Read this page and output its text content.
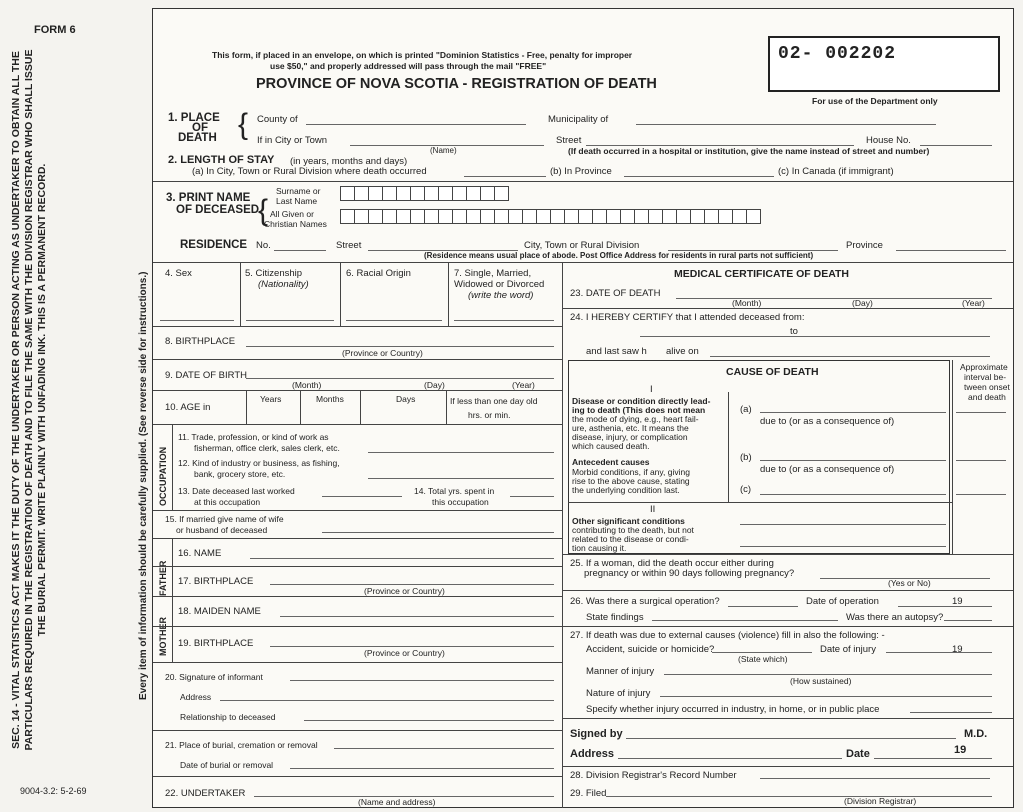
FORM 6
SEC. 14 - VITAL STATISTICS ACT MAKES IT THE DUTY OF THE UNDERTAKER OR PERSON ACTING AS UNDERTAKER TO OBTAIN ALL THE PARTICULARS REQUIRED IN THE REGISTRATION OF DEATH AND TO FILE THE SAME WITH THE DIVISION REGISTRAR WHO SHALL ISSUE THE BURIAL PERMIT. WRITE PLAINLY WITH UNFADING INK. THIS IS A PERMANENT RECORD.	Every item of information should be carefully supplied. (See reverse side for instructions.)
9004-3.2: 5-2-69
This form, if placed in an envelope, on which is printed "Dominion Statistics - Free, penalty for improper
use $50," and properly addressed will pass through the mail "FREE"
PROVINCE OF NOVA SCOTIA - REGISTRATION OF DEATH
02- 002202
For use of the Department only
1. PLACE
OF
DEATH { County of	Municipality of
If in City or Town
(Name)
Street	House No.
(If death occurred in a hospital or institution, give the name instead of street and number)
2. LENGTH OF STAY (in years, months and days)
(a) In City, Town or Rural Division where death occurred	(b) In Province	(c) In Canada (if immigrant)
3. PRINT NAME
OF DECEASED
{
Surname or
Last Name
All Given or
Christian Names
RESIDENCE No.	Street	City, Town or Rural Division	Province
(Residence means usual place of abode. Post Office Address for residents in rural parts not sufficient)
4. Sex	5. Citizenship
(Nationality)
6. Racial Origin	7. Single, Married,
Widowed or Divorced
(write the word)
8. BIRTHPLACE
(Province or Country)
9. DATE OF BIRTH
(Month)	(Day)	(Year)
10. AGE in
Years	Months	Days	If less than one day old
hrs. or min.
OCCUPATION
11. Trade, profession, or kind of work as
fisherman, office clerk, sales clerk, etc.
12. Kind of industry or business, as fishing,
bank, grocery store, etc.
13. Date deceased last worked
at this occupation
14. Total yrs. spent in
this occupation
15. If married give name of wife
or husband of deceased
FATHER
MOTHER
16. NAME
17. BIRTHPLACE
(Province or Country)
18. MAIDEN NAME
19. BIRTHPLACE
(Province or Country)
20. Signature of informant
Address
Relationship to deceased
21. Place of burial, cremation or removal
Date of burial or removal
22. UNDERTAKER
(Name and address)
MEDICAL CERTIFICATE OF DEATH
23. DATE OF DEATH
(Month)	(Day)	(Year)
24. I HEREBY CERTIFY that I attended deceased from:
to
and last saw h alive on
CAUSE OF DEATH	Approximate
interval be-
tween onset
and death
I
Disease or condition directly lead-
ing to death (This does not mean
the mode of dying, e.g., heart fail-
ure, asthenia, etc. It means the
disease, injury, or complication
which caused death.
Antecedent causes
Morbid conditions, if any, giving
rise to the above cause, stating
the underlying condition last.
(a)
due to (or as a consequence of)
(b)
due to (or as a consequence of)
(c)
II
Other significant conditions
contributing to the death, but not
related to the disease or condi-
tion causing it.
25. If a woman, did the death occur either during
pregnancy or within 90 days following pregnancy?
(Yes or No)
26. Was there a surgical operation?	Date of operation	19
State findings	Was there an autopsy?
27. If death was due to external causes (violence) fill in also the following: -
Accident, suicide or homicide?
(State which)
Date of injury	19
Manner of injury
(How sustained)
Nature of injury
Specify whether injury occurred in industry, in home, or in public place
Signed by	M.D.
Address	Date	19
28. Division Registrar's Record Number
29. Filed
(Division Registrar)
